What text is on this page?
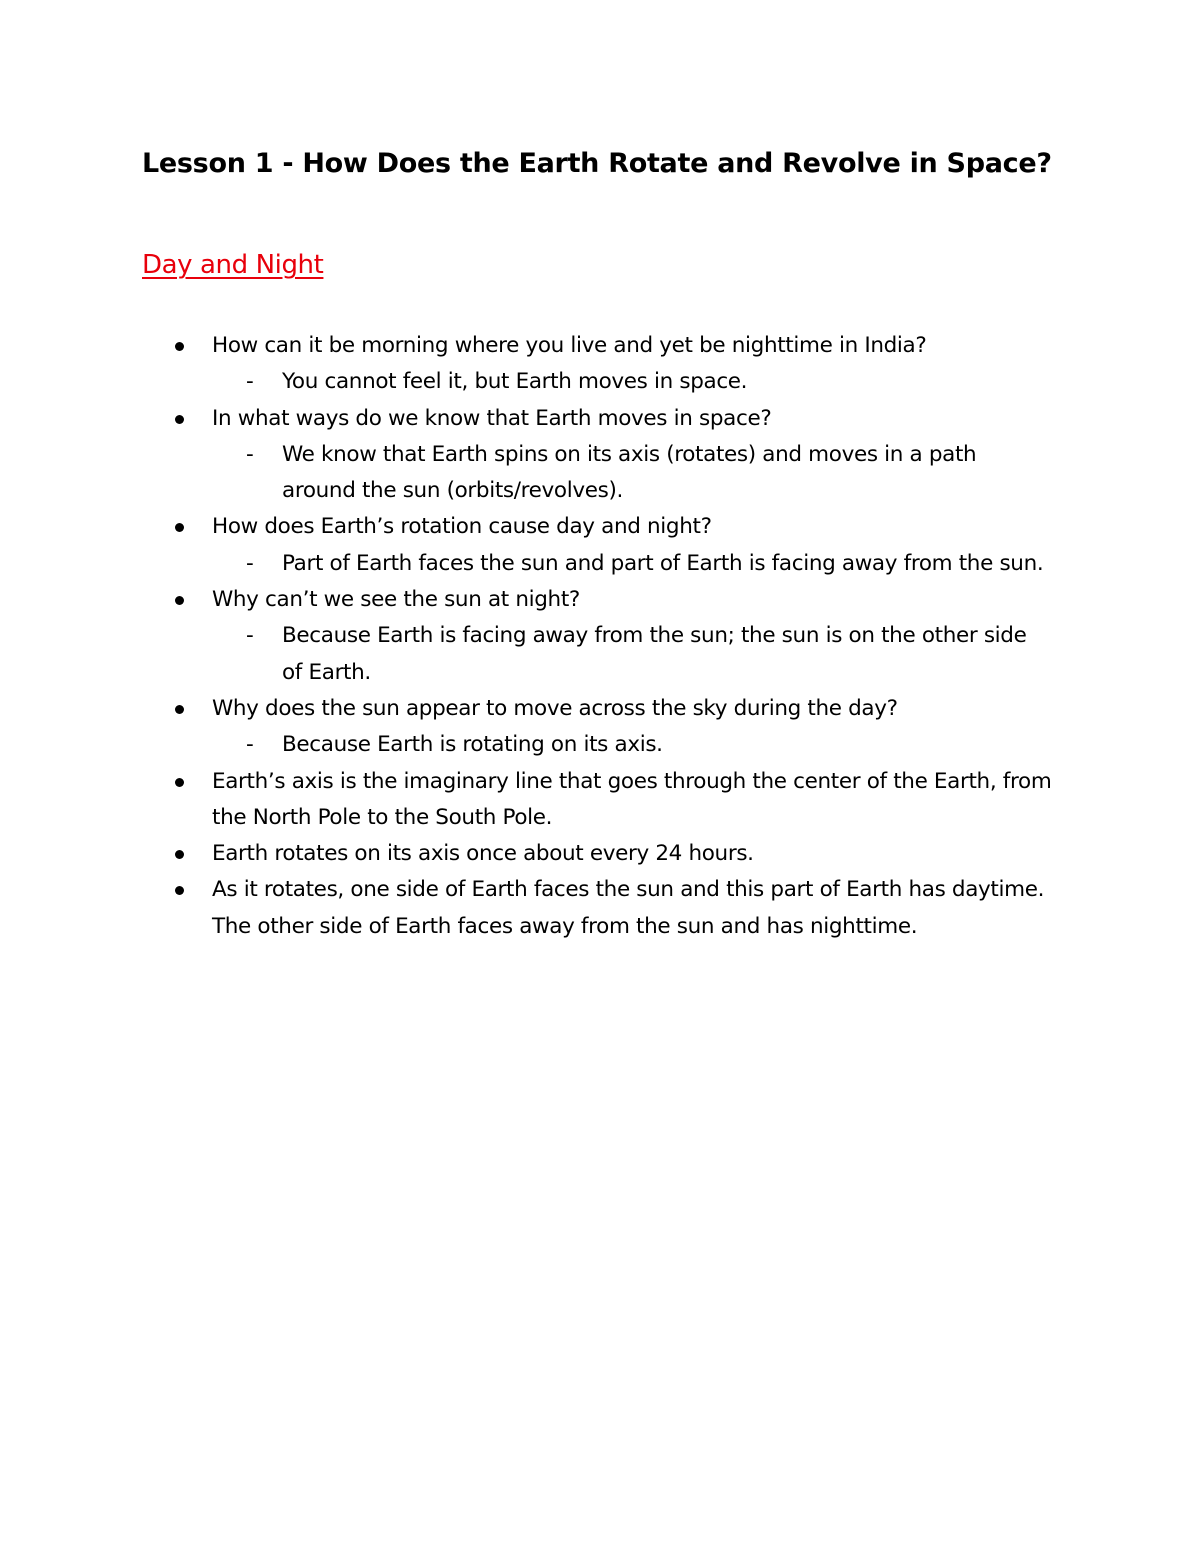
Lesson 1 - How Does the Earth Rotate and Revolve in Space?
Day and Night
How can it be morning where you live and yet be nighttime in India?
- You cannot feel it, but Earth moves in space.
In what ways do we know that Earth moves in space?
- We know that Earth spins on its axis (rotates) and moves in a path around the sun (orbits/revolves).
How does Earth’s rotation cause day and night?
- Part of Earth faces the sun and part of Earth is facing away from the sun.
Why can’t we see the sun at night?
- Because Earth is facing away from the sun; the sun is on the other side of Earth.
Why does the sun appear to move across the sky during the day?
- Because Earth is rotating on its axis.
Earth’s axis is the imaginary line that goes through the center of the Earth, from the North Pole to the South Pole.
Earth rotates on its axis once about every 24 hours.
As it rotates, one side of Earth faces the sun and this part of Earth has daytime. The other side of Earth faces away from the sun and has nighttime.
